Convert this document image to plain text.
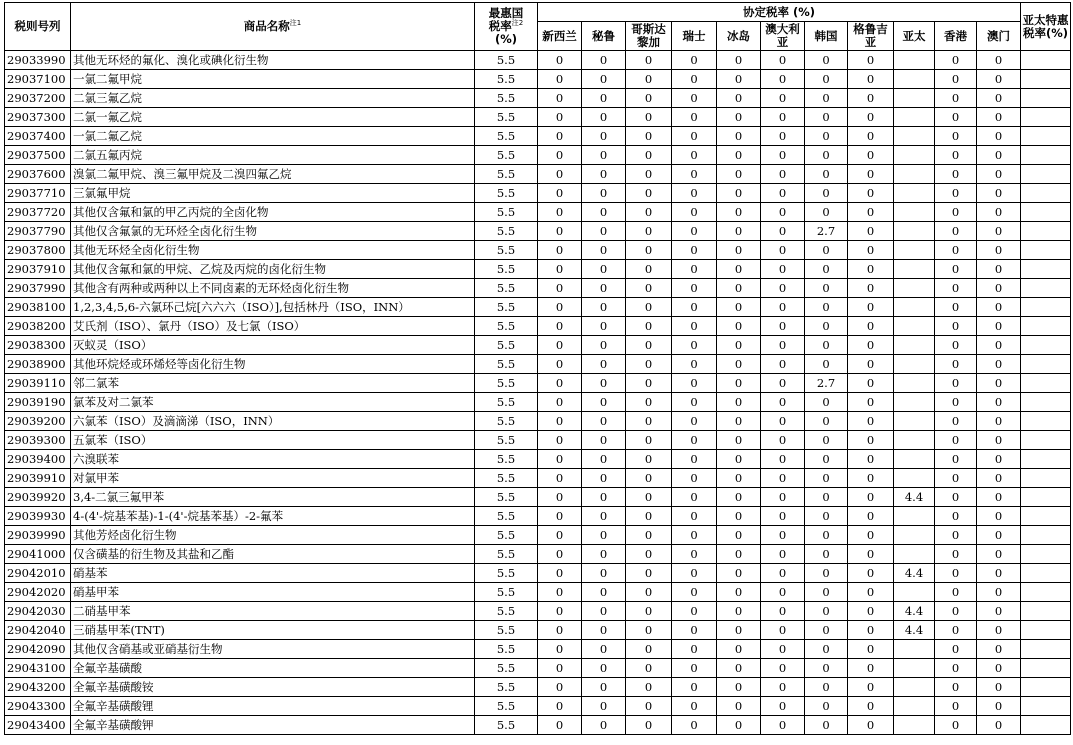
税则号列	商品名称$^{注1}$	最惠国
税率$^{注2}$
(%)	协定税率 (%)											亚太特惠税率(%)
			新西兰	秘鲁	哥斯达黎加	瑞士	冰岛	澳大利亚	韩国	格鲁吉亚	亚太	香港	澳门	
29033990	其他无环烃的氟化、溴化或碘化衍生物	5.5	0	0	0	0	0	0	0	0		0	0	
29037100	一氯二氟甲烷	5.5	0	0	0	0	0	0	0	0		0	0	
29037200	二氯三氟乙烷	5.5	0	0	0	0	0	0	0	0		0	0	
29037300	二氯一氟乙烷	5.5	0	0	0	0	0	0	0	0		0	0	
29037400	一氯二氟乙烷	5.5	0	0	0	0	0	0	0	0		0	0	
29037500	二氯五氟丙烷	5.5	0	0	0	0	0	0	0	0		0	0	
29037600	溴氯二氟甲烷、溴三氟甲烷及二溴四氟乙烷	5.5	0	0	0	0	0	0	0	0		0	0	
29037710	三氯氟甲烷	5.5	0	0	0	0	0	0	0	0		0	0	
29037720	其他仅含氟和氯的甲乙丙烷的全卤化物	5.5	0	0	0	0	0	0	0	0		0	0	
29037790	其他仅含氟氯的无环烃全卤化衍生物	5.5	0	0	0	0	0	0	2.7	0		0	0	
29037800	其他无环烃全卤化衍生物	5.5	0	0	0	0	0	0	0	0		0	0	
29037910	其他仅含氟和氯的甲烷、乙烷及丙烷的卤化衍生物	5.5	0	0	0	0	0	0	0	0		0	0	
29037990	其他含有两种或两种以上不同卤素的无环烃卤化衍生物	5.5	0	0	0	0	0	0	0	0		0	0	
29038100	1,2,3,4,5,6-六氯环己烷[六六六（ISO）],包括林丹（ISO，INN）	5.5	0	0	0	0	0	0	0	0		0	0	
29038200	艾氏剂（ISO）、氯丹（ISO）及七氯（ISO）	5.5	0	0	0	0	0	0	0	0		0	0	
29038300	灭蚁灵（ISO）	5.5	0	0	0	0	0	0	0	0		0	0	
29038900	其他环烷烃或环烯烃等卤化衍生物	5.5	0	0	0	0	0	0	0	0		0	0	
29039110	邻二氯苯	5.5	0	0	0	0	0	0	2.7	0		0	0	
29039190	氯苯及对二氯苯	5.5	0	0	0	0	0	0	0	0		0	0	
29039200	六氯苯（ISO）及滴滴涕（ISO，INN）	5.5	0	0	0	0	0	0	0	0		0	0	
29039300	五氯苯（ISO）	5.5	0	0	0	0	0	0	0	0		0	0	
29039400	六溴联苯	5.5	0	0	0	0	0	0	0	0		0	0	
29039910	对氯甲苯	5.5	0	0	0	0	0	0	0	0		0	0	
29039920	3,4-二氯三氟甲苯	5.5	0	0	0	0	0	0	0	0	4.4	0	0	
29039930	4-(4'-烷基苯基)-1-(4'-烷基苯基）-2-氟苯	5.5	0	0	0	0	0	0	0	0		0	0	
29039990	其他芳烃卤化衍生物	5.5	0	0	0	0	0	0	0	0		0	0	
29041000	仅含磺基的衍生物及其盐和乙酯	5.5	0	0	0	0	0	0	0	0		0	0	
29042010	硝基苯	5.5	0	0	0	0	0	0	0	0	4.4	0	0	
29042020	硝基甲苯	5.5	0	0	0	0	0	0	0	0		0	0	
29042030	二硝基甲苯	5.5	0	0	0	0	0	0	0	0	4.4	0	0	
29042040	三硝基甲苯(TNT)	5.5	0	0	0	0	0	0	0	0	4.4	0	0	
29042090	其他仅含硝基或亚硝基衍生物	5.5	0	0	0	0	0	0	0	0		0	0	
29043100	全氟辛基磺酸	5.5	0	0	0	0	0	0	0	0		0	0	
29043200	全氟辛基磺酸铵	5.5	0	0	0	0	0	0	0	0		0	0	
29043300	全氟辛基磺酸锂	5.5	0	0	0	0	0	0	0	0		0	0	
29043400	全氟辛基磺酸钾	5.5	0	0	0	0	0	0	0	0		0	0	
